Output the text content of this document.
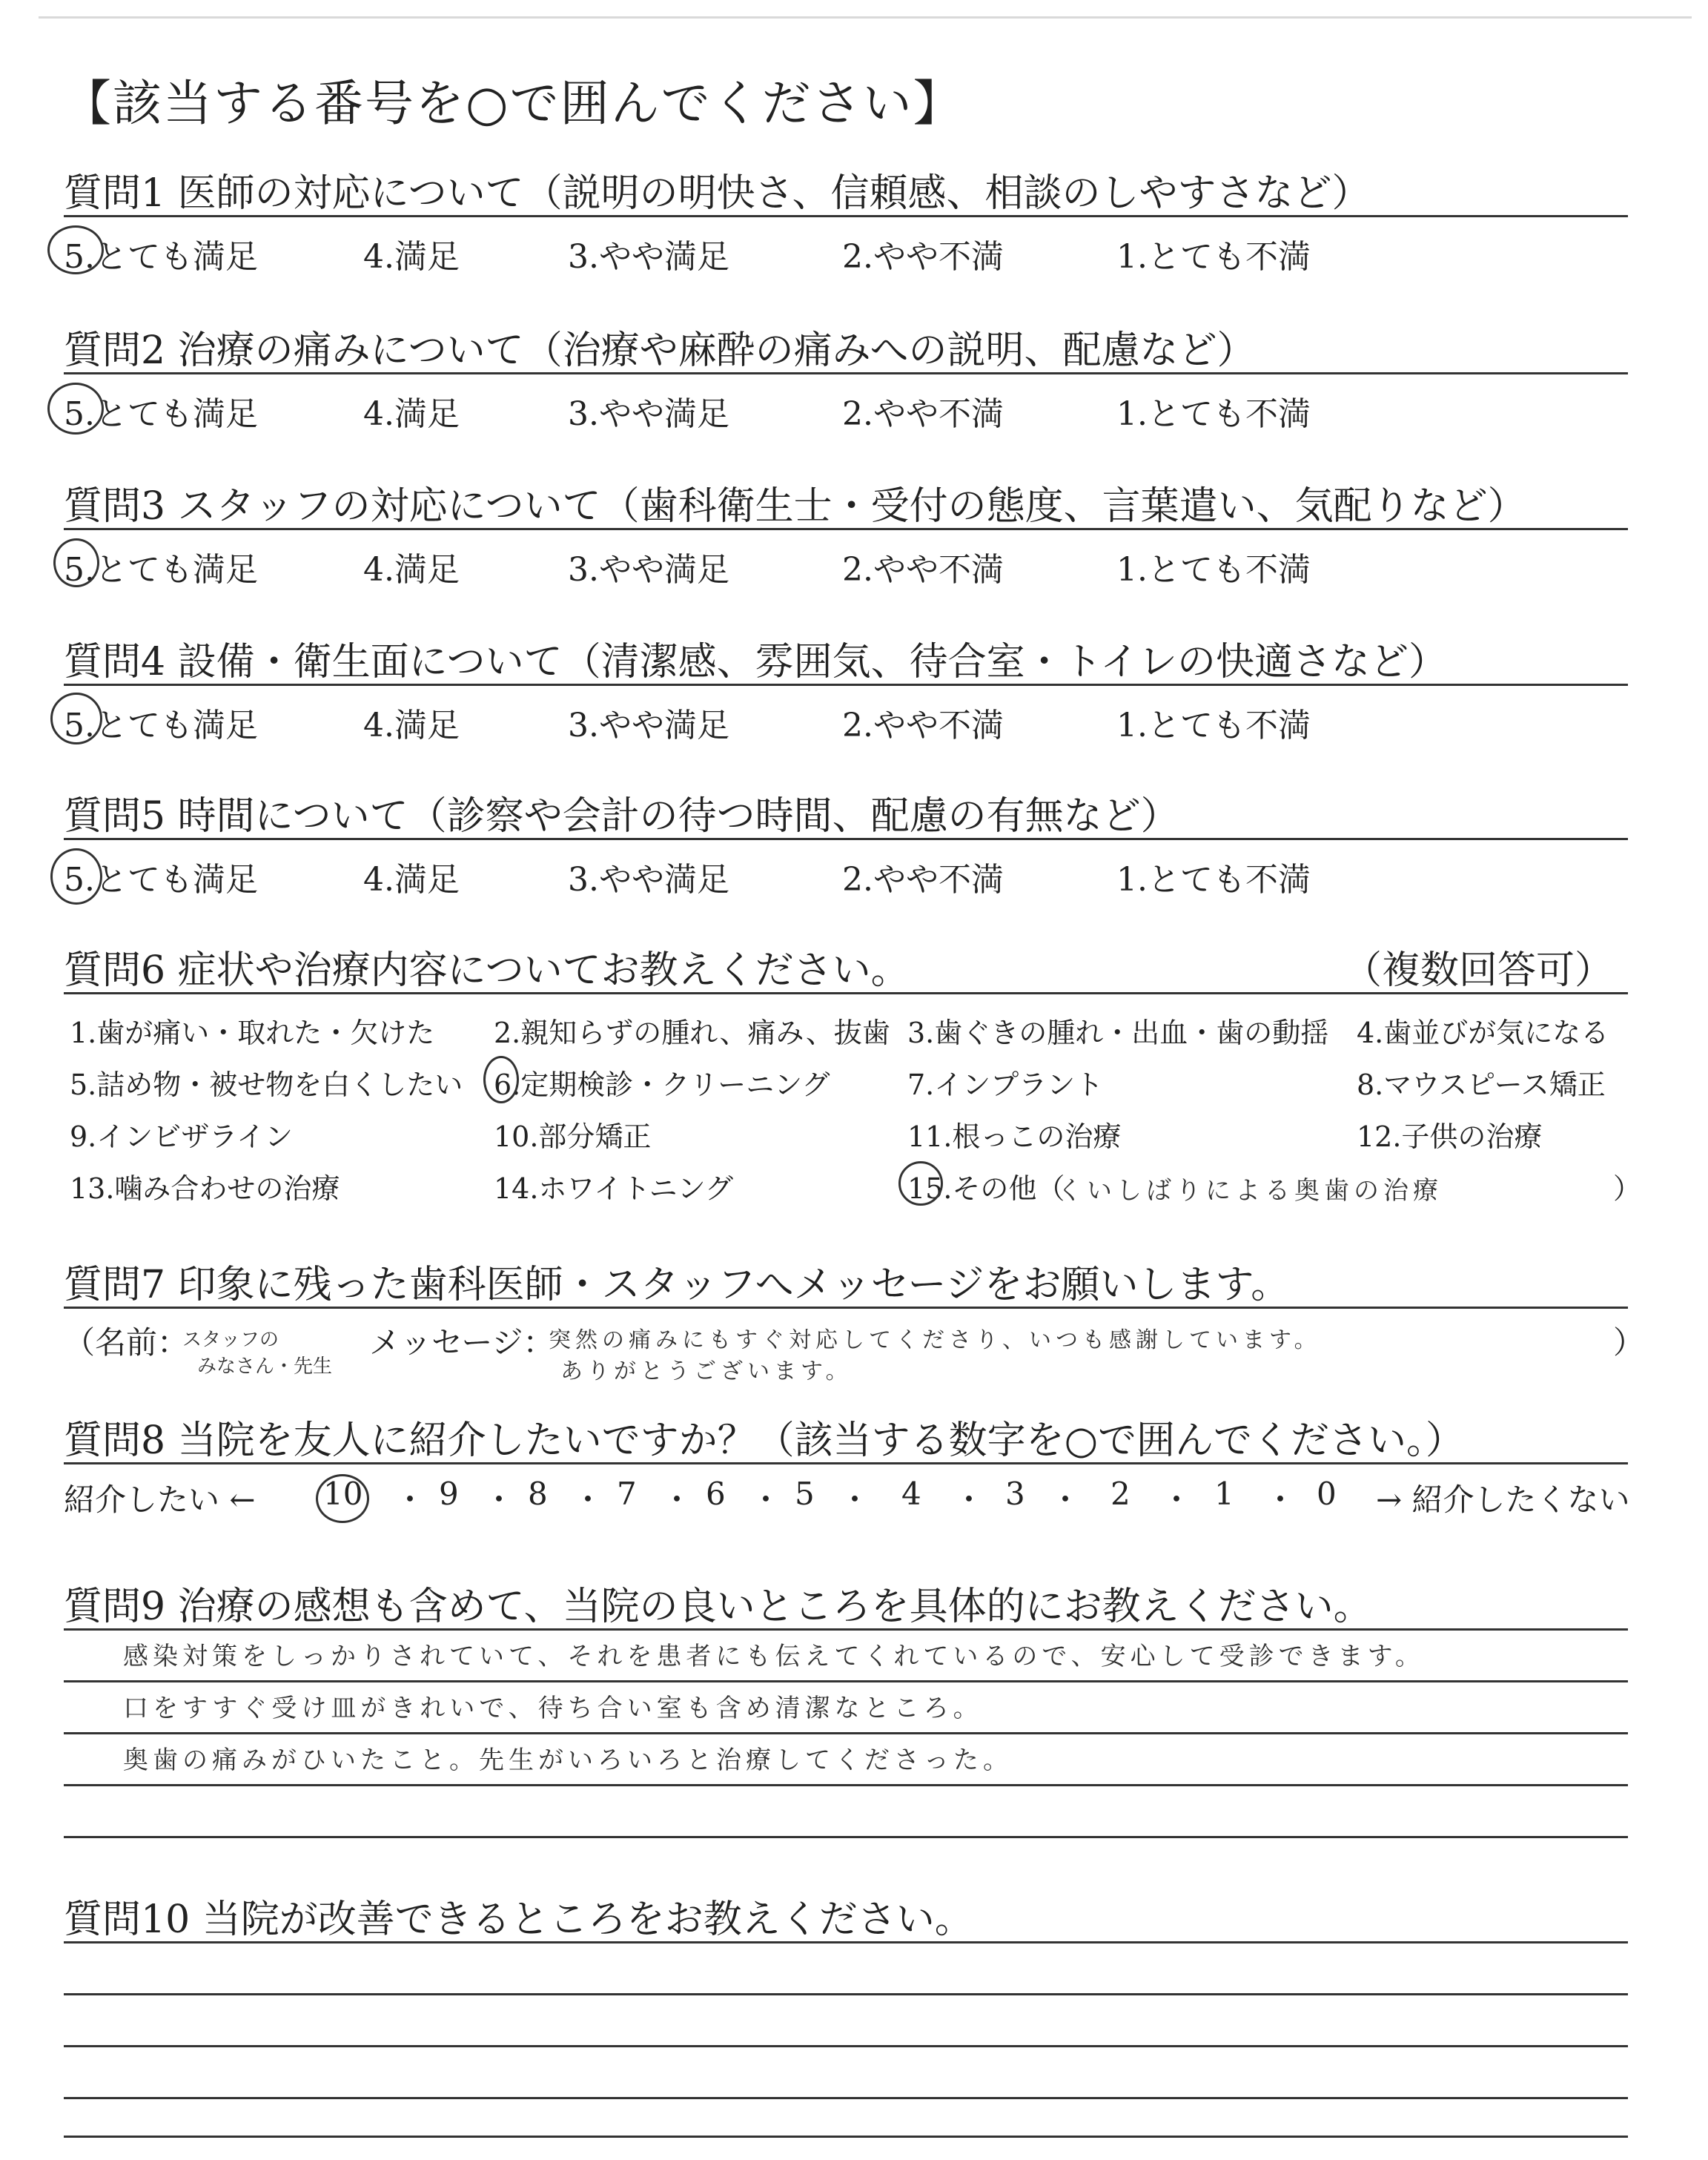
【該当する番号を○で囲んでください】
質問1 医師の対応について（説明の明快さ、信頼感、相談のしやすさなど）
5.とても満足	4.満足	3.やや満足	2.やや不満	1.とても不満
質問2 治療の痛みについて（治療や麻酔の痛みへの説明、配慮など）
5.とても満足	4.満足	3.やや満足	2.やや不満	1.とても不満
質問3 スタッフの対応について（歯科衛生士・受付の態度、言葉遣い、気配りなど）
5.とても満足	4.満足	3.やや満足	2.やや不満	1.とても不満
質問4 設備・衛生面について（清潔感、雰囲気、待合室・トイレの快適さなど）
5.とても満足	4.満足	3.やや満足	2.やや不満	1.とても不満
質問5 時間について（診察や会計の待つ時間、配慮の有無など）
5.とても満足	4.満足	3.やや満足	2.やや不満	1.とても不満
質問6 症状や治療内容についてお教えください。	（複数回答可）
1.歯が痛い・取れた・欠けた 2.親知らずの腫れ、痛み、抜歯 3.歯ぐきの腫れ・出血・歯の動揺 4.歯並びが気になる
5.詰め物・被せ物を白くしたい 6.定期検診・クリーニング	7.インプラント	8.マウスピース矯正
9.インビザライン	10.部分矯正	11.根っこの治療	12.子供の治療
13.噛み合わせの治療	14.ホワイトニング	15.その他（
くいしばりによる奥歯の治療	）
質問7 印象に残った歯科医師・スタッフへメッセージをお願いします。
（名前：
スタッフの
みなさん・先生
メッセージ：
突然の痛みにもすぐ対応してくださり、いつも感謝しています。
ありがとうございます。
）
質問8 当院を友人に紹介したいですか？（該当する数字を○で囲んでください。）
紹介したい ← 10 ・ 9 ・ 8 ・ 7 ・ 6 ・ 5 ・ 4 ・ 3 ・ 2 ・ 1 ・ 0 → 紹介したくない
質問9 治療の感想も含めて、当院の良いところを具体的にお教えください。
感染対策をしっかりされていて、それを患者にも伝えてくれているので、安心して受診できます。
口をすすぐ受け皿がきれいで、待ち合い室も含め清潔なところ。
奥歯の痛みがひいたこと。先生がいろいろと治療してくださった。
質問10 当院が改善できるところをお教えください。
